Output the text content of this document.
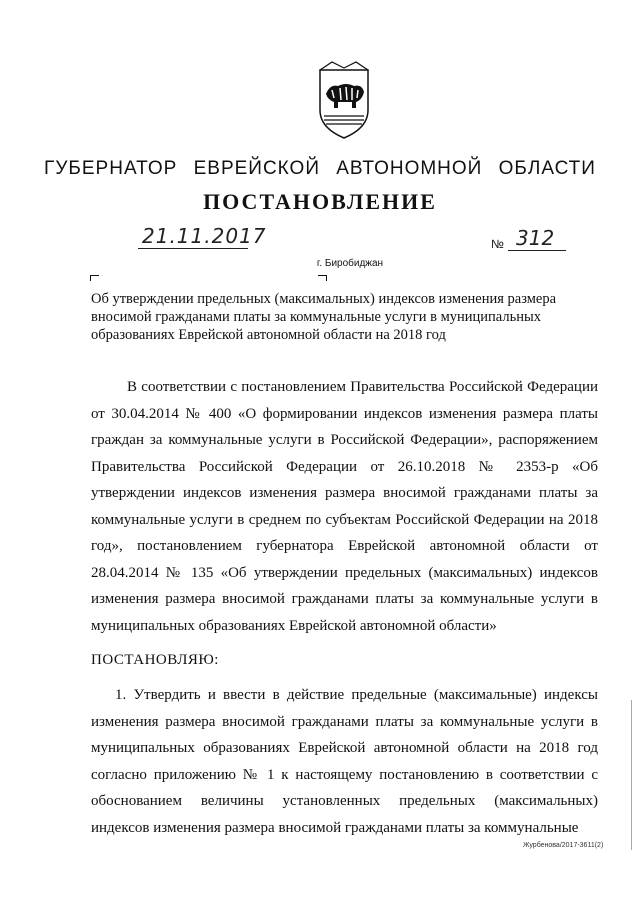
ГУБЕРНАТОР ЕВРЕЙСКОЙ АВТОНОМНОЙ ОБЛАСТИ
ПОСТАНОВЛЕНИЕ
21.11.2017	№ 312
г. Биробиджан
Об утверждении предельных (максимальных) индексов изменения размера вносимой гражданами платы за коммунальные услуги в муниципальных образованиях Еврейской автономной области на 2018 год
В соответствии с постановлением Правительства Российской Федерации от 30.04.2014 № 400 «О формировании индексов изменения размера платы граждан за коммунальные услуги в Российской Федерации», распоряжением Правительства Российской Федерации от 26.10.2018 № 2353-р «Об утверждении индексов изменения размера вносимой гражданами платы за коммунальные услуги в среднем по субъектам Российской Федерации на 2018 год», постановлением губернатора Еврейской автономной области от 28.04.2014 № 135 «Об утверждении предельных (максимальных) индексов изменения размера вносимой гражданами платы за коммунальные услуги в муниципальных образованиях Еврейской автономной области»
ПОСТАНОВЛЯЮ:
1. Утвердить и ввести в действие предельные (максимальные) индексы изменения размера вносимой гражданами платы за коммунальные услуги в муниципальных образованиях Еврейской автономной области на 2018 год согласно приложению № 1 к настоящему постановлению в соответствии с обоснованием величины установленных предельных (максимальных) индексов изменения размера вносимой гражданами платы за коммунальные
Журбенова/2017-3611(2)
